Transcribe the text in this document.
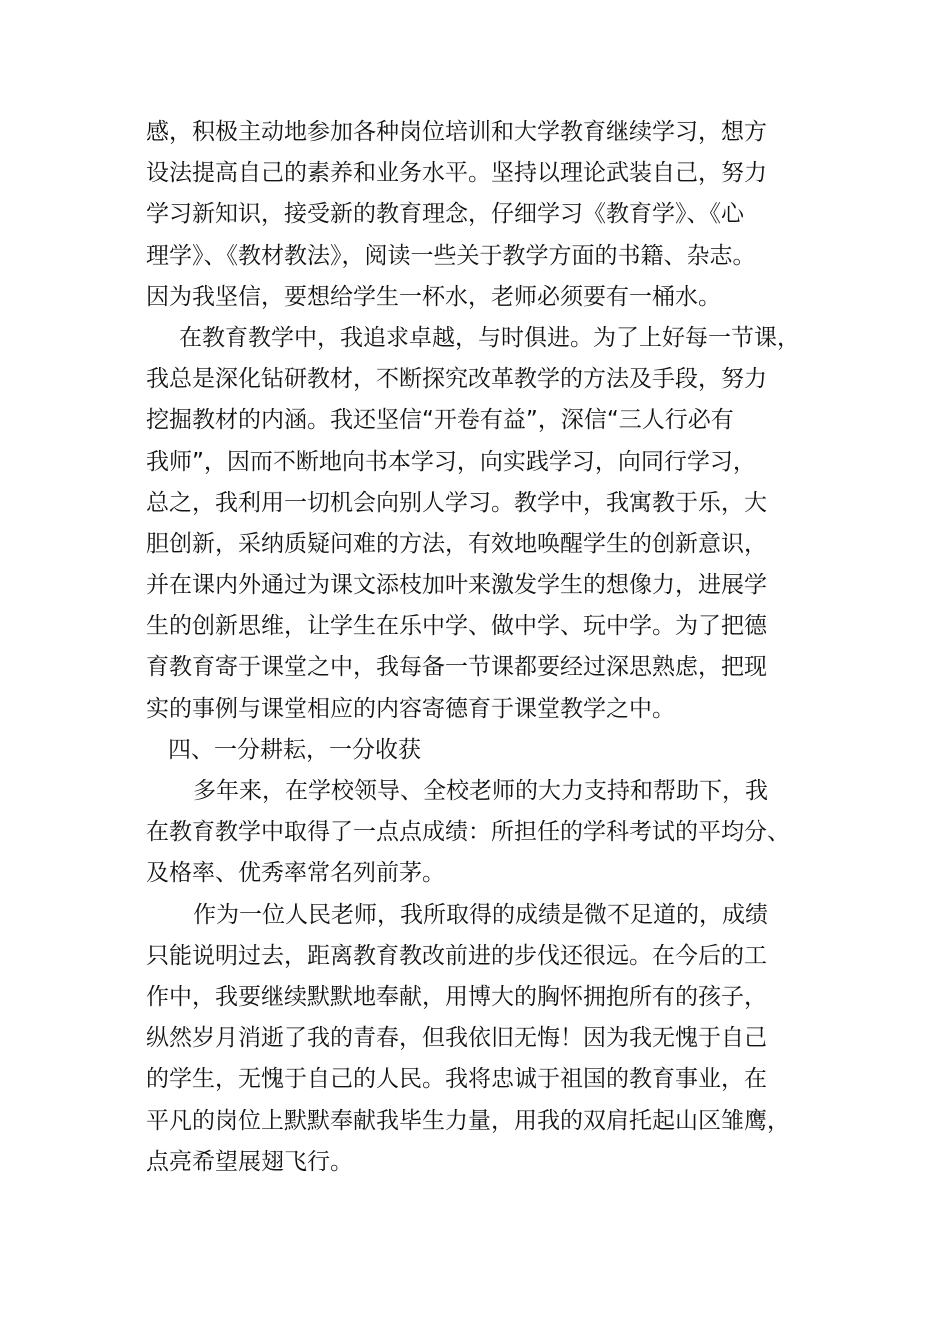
感，积极主动地参加各种岗位培训和大学教育继续学习，想方
设法提高自己的素养和业务水平。坚持以理论武装自己，努力
学习新知识，接受新的教育理念，仔细学习《教育学》、《心
理学》、《教材教法》，阅读一些关于教学方面的书籍、杂志。
因为我坚信，要想给学生一杯水，老师必须要有一桶水。
在教育教学中，我追求卓越，与时俱进。为了上好每一节课，
我总是深化钻研教材，不断探究改革教学的方法及手段，努力
挖掘教材的内涵。我还坚信“开卷有益”，深信“三人行必有
我师”，因而不断地向书本学习，向实践学习，向同行学习，
总之，我利用一切机会向别人学习。教学中，我寓教于乐，大
胆创新，采纳质疑问难的方法，有效地唤醒学生的创新意识，
并在课内外通过为课文添枝加叶来激发学生的想像力，进展学
生的创新思维，让学生在乐中学、做中学、玩中学。为了把德
育教育寄于课堂之中，我每备一节课都要经过深思熟虑，把现
实的事例与课堂相应的内容寄德育于课堂教学之中。
四、一分耕耘，一分收获
多年来，在学校领导、全校老师的大力支持和帮助下，我
在教育教学中取得了一点点成绩：所担任的学科考试的平均分、
及格率、优秀率常名列前茅。
作为一位人民老师，我所取得的成绩是微不足道的，成绩
只能说明过去，距离教育教改前进的步伐还很远。在今后的工
作中，我要继续默默地奉献，用博大的胸怀拥抱所有的孩子，
纵然岁月消逝了我的青春，但我依旧无悔！因为我无愧于自己
的学生，无愧于自己的人民。我将忠诚于祖国的教育事业，在
平凡的岗位上默默奉献我毕生力量，用我的双肩托起山区雏鹰，
点亮希望展翅飞行。
